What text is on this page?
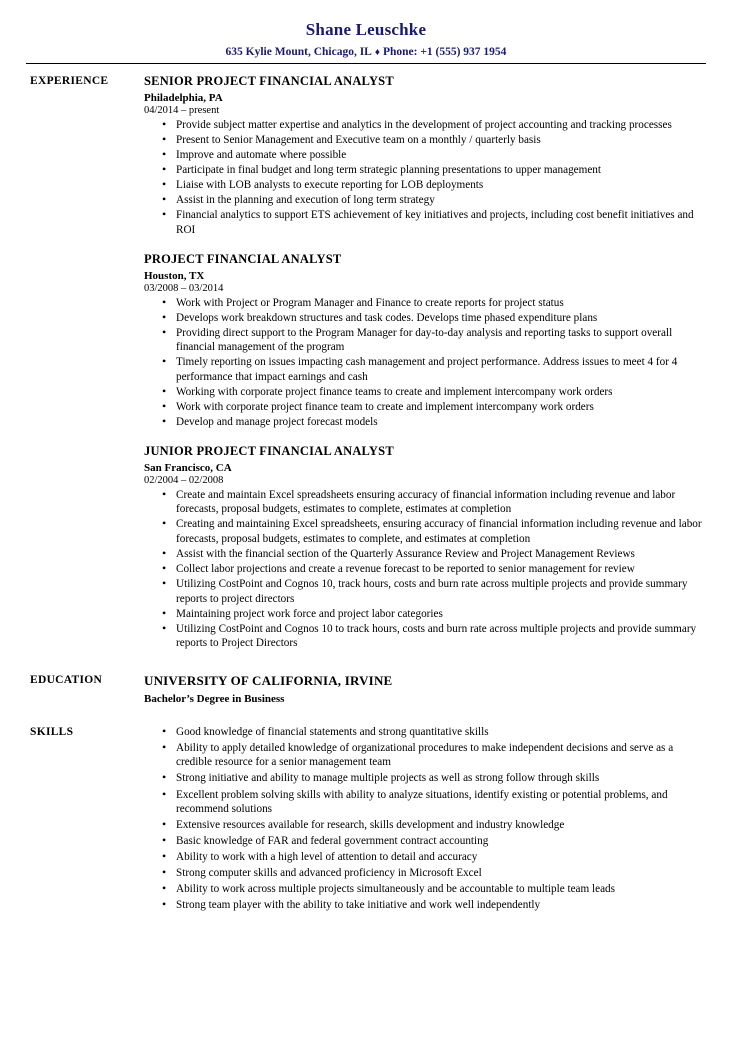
Shane Leuschke
635 Kylie Mount, Chicago, IL ♦ Phone: +1 (555) 937 1954
EXPERIENCE	SENIOR PROJECT FINANCIAL ANALYST
Philadelphia, PA
04/2014 – present
• Provide subject matter expertise and analytics in the development of project accounting and tracking processes
• Present to Senior Management and Executive team on a monthly / quarterly basis
• Improve and automate where possible
• Participate in final budget and long term strategic planning presentations to upper management
• Liaise with LOB analysts to execute reporting for LOB deployments
• Assist in the planning and execution of long term strategy
• Financial analytics to support ETS achievement of key initiatives and projects, including cost benefit initiatives and ROI
PROJECT FINANCIAL ANALYST
Houston, TX
03/2008 – 03/2014
• Work with Project or Program Manager and Finance to create reports for project status
• Develops work breakdown structures and task codes. Develops time phased expenditure plans
• Providing direct support to the Program Manager for day-to-day analysis and reporting tasks to support overall financial management of the program
• Timely reporting on issues impacting cash management and project performance. Address issues to meet 4 for 4 performance that impact earnings and cash
• Working with corporate project finance teams to create and implement intercompany work orders
• Work with corporate project finance team to create and implement intercompany work orders
• Develop and manage project forecast models
JUNIOR PROJECT FINANCIAL ANALYST
San Francisco, CA
02/2004 – 02/2008
• Create and maintain Excel spreadsheets ensuring accuracy of financial information including revenue and labor forecasts, proposal budgets, estimates to complete, estimates at completion
• Creating and maintaining Excel spreadsheets, ensuring accuracy of financial information including revenue and labor forecasts, proposal budgets, estimates to complete, and estimates at completion
• Assist with the financial section of the Quarterly Assurance Review and Project Management Reviews
• Collect labor projections and create a revenue forecast to be reported to senior management for review
• Utilizing CostPoint and Cognos 10, track hours, costs and burn rate across multiple projects and provide summary reports to project directors
• Maintaining project work force and project labor categories
• Utilizing CostPoint and Cognos 10 to track hours, costs and burn rate across multiple projects and provide summary reports to Project Directors
EDUCATION	UNIVERSITY OF CALIFORNIA, IRVINE
Bachelor’s Degree in Business
SKILLS	• Good knowledge of financial statements and strong quantitative skills
• Ability to apply detailed knowledge of organizational procedures to make independent decisions and serve as a credible resource for a senior management team
• Strong initiative and ability to manage multiple projects as well as strong follow through skills
• Excellent problem solving skills with ability to analyze situations, identify existing or potential problems, and recommend solutions
• Extensive resources available for research, skills development and industry knowledge
• Basic knowledge of FAR and federal government contract accounting
• Ability to work with a high level of attention to detail and accuracy
• Strong computer skills and advanced proficiency in Microsoft Excel
• Ability to work across multiple projects simultaneously and be accountable to multiple team leads
• Strong team player with the ability to take initiative and work well independently
